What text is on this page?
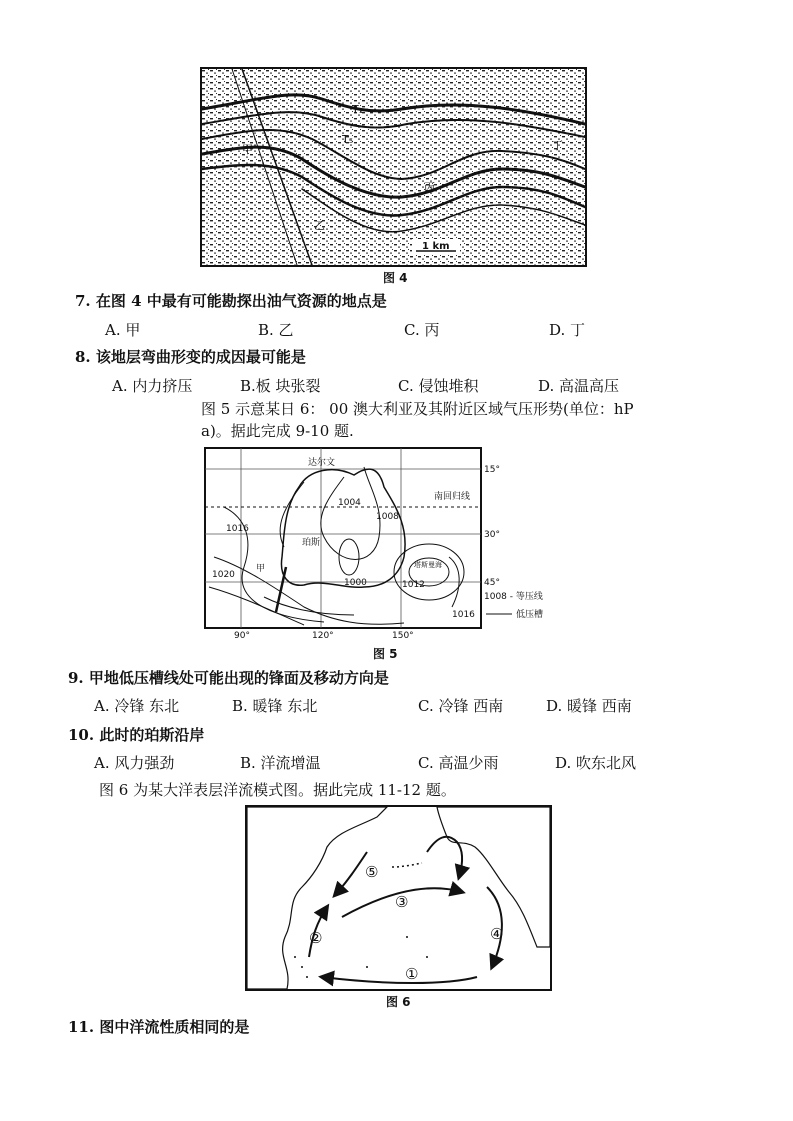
甲
乙
丙
丁
T₁
T₅
1 km
图 4
7. 在图 4 中最有可能勘探出油气资源的地点是
A. 甲	B. 乙	C. 丙	D. 丁
8. 该地层弯曲形变的成因最可能是
A. 内力挤压	B.板 块张裂	C. 侵蚀堆积	D. 高温高压
图 5 示意某日 6： 00 澳大利亚及其附近区域气压形势(单位：hP
a)。据此完成 9-10 题.
达尔文
南回归线
珀斯
甲	塔斯曼海
1004
1008
1016
1020
1000	1012
1016
15°
30°
45°
90°	120°	150°
1008 - 等压线
低压槽
图 5
9. 甲地低压槽线处可能出现的锋面及移动方向是
A. 冷锋 东北	B. 暖锋 东北	C. 冷锋 西南	D. 暖锋 西南
10. 此时的珀斯沿岸
A. 风力强劲	B. 洋流增温	C. 高温少雨	D. 吹东北风
图 6 为某大洋表层洋流模式图。据此完成 11-12 题。
①
②
③
④
⑤
图 6
11. 图中洋流性质相同的是
